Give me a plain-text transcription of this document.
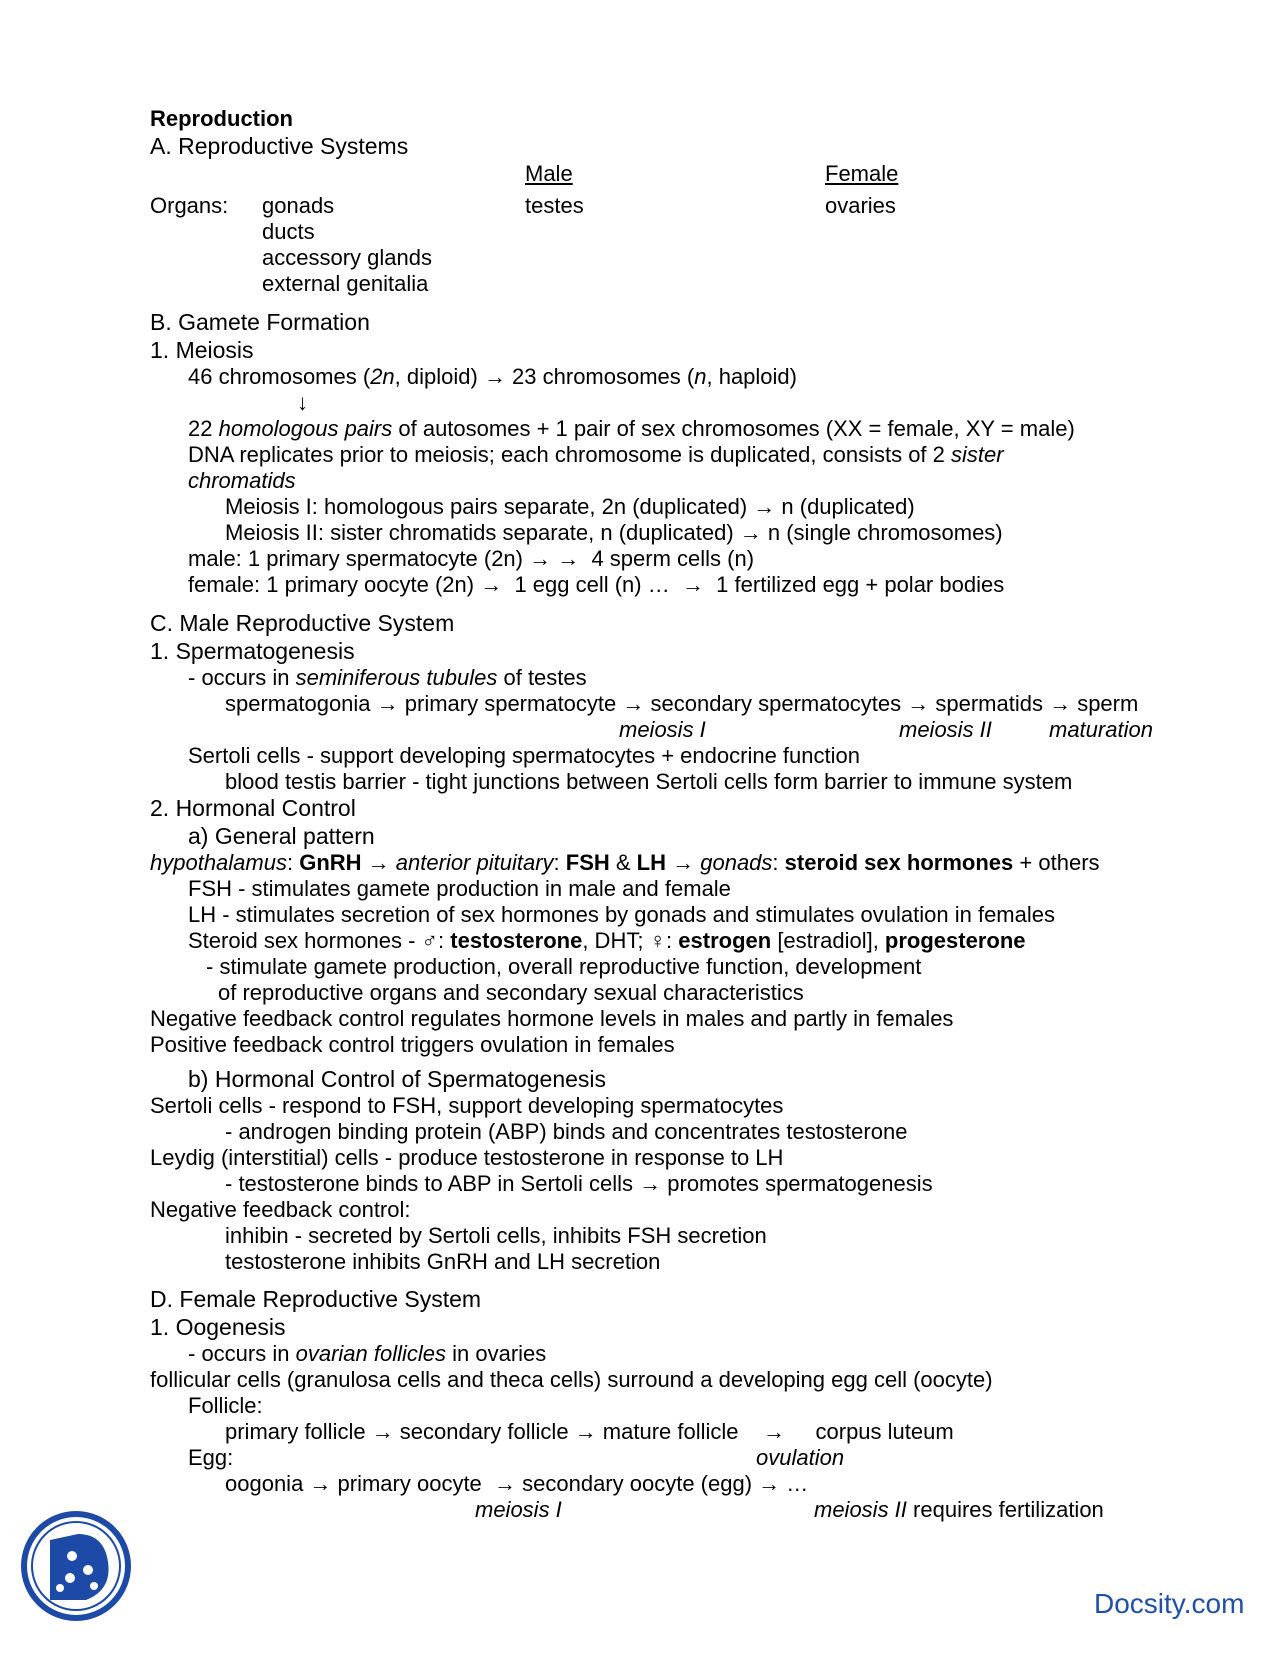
Reproduction
A. Reproductive Systems
Male	Female
Organs: gonads	testes	ovaries
ducts
accessory glands
external genitalia
B. Gamete Formation
1. Meiosis
46 chromosomes (2n, diploid) → 23 chromosomes (n, haploid)
↓
22 homologous pairs of autosomes + 1 pair of sex chromosomes (XX = female, XY = male)
DNA replicates prior to meiosis; each chromosome is duplicated, consists of 2 sister
chromatids
Meiosis I: homologous pairs separate, 2n (duplicated) → n (duplicated)
Meiosis II: sister chromatids separate, n (duplicated) → n (single chromosomes)
male: 1 primary spermatocyte (2n) → →  4 sperm cells (n)
female: 1 primary oocyte (2n) →  1 egg cell (n) …  →  1 fertilized egg + polar bodies
C. Male Reproductive System
1. Spermatogenesis
- occurs in seminiferous tubules of testes
spermatogonia → primary spermatocyte → secondary spermatocytes → spermatids → sperm
meiosis I	meiosis II	maturation
Sertoli cells - support developing spermatocytes + endocrine function
blood testis barrier - tight junctions between Sertoli cells form barrier to immune system
2. Hormonal Control
a) General pattern
hypothalamus: GnRH → anterior pituitary: FSH & LH → gonads: steroid sex hormones + others
FSH - stimulates gamete production in male and female
LH - stimulates secretion of sex hormones by gonads and stimulates ovulation in females
Steroid sex hormones - ♂: testosterone, DHT; ♀: estrogen [estradiol], progesterone
- stimulate gamete production, overall reproductive function, development
of reproductive organs and secondary sexual characteristics
Negative feedback control regulates hormone levels in males and partly in females
Positive feedback control triggers ovulation in females
b) Hormonal Control of Spermatogenesis
Sertoli cells - respond to FSH, support developing spermatocytes
- androgen binding protein (ABP) binds and concentrates testosterone
Leydig (interstitial) cells - produce testosterone in response to LH
- testosterone binds to ABP in Sertoli cells → promotes spermatogenesis
Negative feedback control:
inhibin - secreted by Sertoli cells, inhibits FSH secretion
testosterone inhibits GnRH and LH secretion
D. Female Reproductive System
1. Oogenesis
- occurs in ovarian follicles in ovaries
follicular cells (granulosa cells and theca cells) surround a developing egg cell (oocyte)
Follicle:
primary follicle → secondary follicle → mature follicle    →     corpus luteum
Egg:	ovulation
oogonia → primary oocyte  → secondary oocyte (egg) → …
meiosis I	meiosis II requires fertilization
Docsity.com
